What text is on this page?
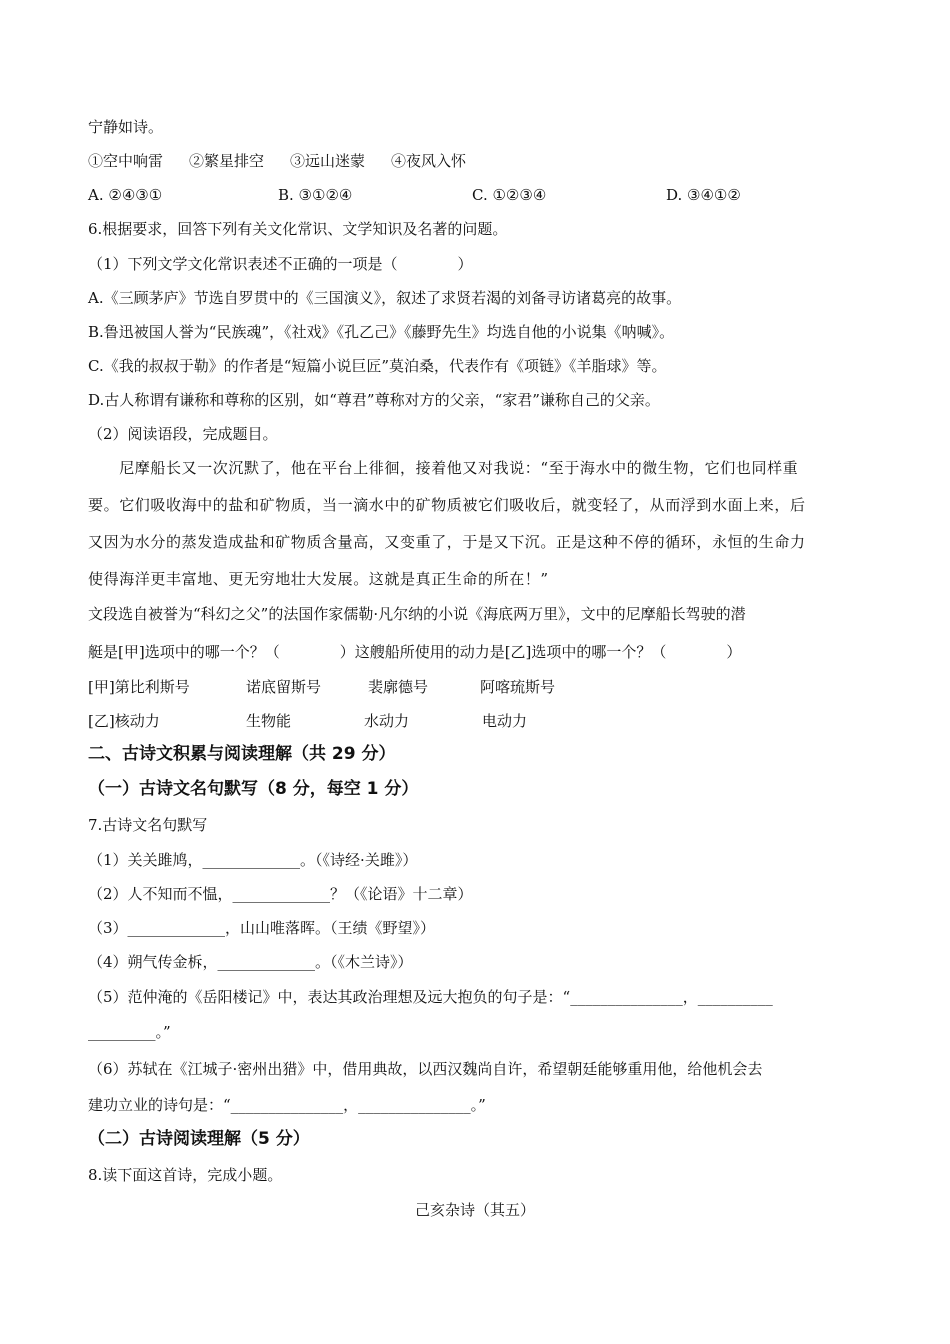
宁静如诗。
①空中响雷 ②繁星排空 ③远山迷蒙 ④夜风入怀
A. ②④③①	B. ③①②④	C. ①②③④	D. ③④①②
6.根据要求，回答下列有关文化常识、文学知识及名著的问题。
（1）下列文学文化常识表述不正确的一项是（　　　　）
A.《三顾茅庐》节选自罗贯中的《三国演义》，叙述了求贤若渴的刘备寻访诸葛亮的故事。
B.鲁迅被国人誉为“民族魂”，《社戏》《孔乙己》《藤野先生》均选自他的小说集《呐喊》。
C.《我的叔叔于勒》的作者是“短篇小说巨匠”莫泊桑，代表作有《项链》《羊脂球》等。
D.古人称谓有谦称和尊称的区别，如“尊君”尊称对方的父亲，“家君”谦称自己的父亲。
（2）阅读语段，完成题目。
　　尼摩船长又一次沉默了，他在平台上徘徊，接着他又对我说：“至于海水中的微生物，它们也同样重
要。它们吸收海中的盐和矿物质，当一滴水中的矿物质被它们吸收后，就变轻了，从而浮到水面上来，后
又因为水分的蒸发造成盐和矿物质含量高，又变重了，于是又下沉。正是这种不停的循环，永恒的生命力
使得海洋更丰富地、更无穷地壮大发展。这就是真正生命的所在！”
文段选自被誉为“科幻之父”的法国作家儒勒·凡尔纳的小说《海底两万里》，文中的尼摩船长驾驶的潜
艇是[甲]选项中的哪一个？（　　　　）这艘船所使用的动力是[乙]选项中的哪一个？（　　　　）
[甲]第比利斯号	诺底留斯号	裴廓德号	阿喀琉斯号
[乙]核动力	生物能	水动力	电动力
二、古诗文积累与阅读理解（共 29 分）
（一）古诗文名句默写（8 分，每空 1 分）
7.古诗文名句默写
（1）关关雎鸠，_____________。（《诗经·关雎》）
（2）人不知而不愠，_____________？（《论语》十二章）
（3）_____________，山山唯落晖。（王绩《野望》）
（4）朔气传金柝，_____________。（《木兰诗》）
（5）范仲淹的《岳阳楼记》中，表达其政治理想及远大抱负的句子是：“_______________，__________
_________。”
（6）苏轼在《江城子·密州出猎》中，借用典故，以西汉魏尚自许，希望朝廷能够重用他，给他机会去
建功立业的诗句是：“_______________，_______________。”
（二）古诗阅读理解（5 分）
8.读下面这首诗，完成小题。
己亥杂诗（其五）
